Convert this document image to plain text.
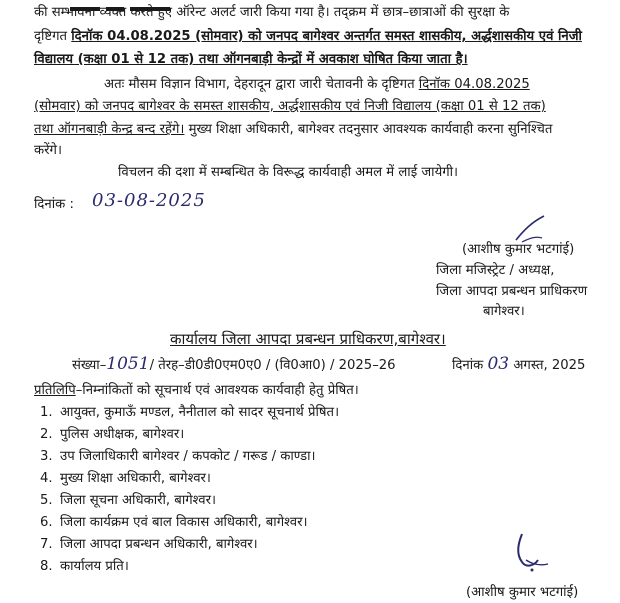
की सम्भावना व्यक्त करते हुए ऑरेन्ट अलर्ट जारी किया गया है। तद्क्रम में छात्र–छात्राओं की सुरक्षा के
दृष्टिगत दिनॉक 04.08.2025 (सोमवार) को जनपद बागेश्वर अन्तर्गत समस्त शासकीय, अर्द्धशासकीय एवं निजी
विद्यालय (कक्षा 01 से 12 तक) तथा ऑगनबाड़ी केन्द्रों में अवकाश घोषित किया जाता है।
अतः मौसम विज्ञान विभाग, देहरादून द्वारा जारी चेतावनी के दृष्टिगत दिनॉक 04.08.2025
(सोमवार) को जनपद बागेश्वर के समस्त शासकीय, अर्द्धशासकीय एवं निजी विद्यालय (कक्षा 01 से 12 तक)
तथा ऑगनबाड़ी केन्द्र बन्द रहेंगे। मुख्य शिक्षा अधिकारी, बागेश्वर तदनुसार आवश्यक कार्यवाही करना सुनिश्चित
करेंगे।
विचलन की दशा में सम्बन्धित के विरूद्ध कार्यवाही अमल में लाई जायेगी।
दिनांक : 03-08-2025
(आशीष कुमार भटगांई)
जिला मजिस्ट्रेट / अध्यक्ष,
जिला आपदा प्रबन्धन प्राधिकरण
बागेश्वर।
कार्यालय जिला आपदा प्रबन्धन प्राधिकरण,बागेश्वर।
संख्या–1051/ तेरह–डी0डी0एम0ए0 / (वि0आ0) / 2025–26	दिनांक 03 अगस्त, 2025
प्रतिलिपि–निम्नांकितों को सूचनार्थ एवं आवश्यक कार्यवाही हेतु प्रेषित।
1. आयुक्त, कुमाऊँ मण्डल, नैनीताल को सादर सूचनार्थ प्रेषित।
2. पुलिस अधीक्षक, बागेश्वर।
3. उप जिलाधिकारी बागेश्वर / कपकोट / गरूड / काण्डा।
4. मुख्य शिक्षा अधिकारी, बागेश्वर।
5. जिला सूचना अधिकारी, बागेश्वर।
6. जिला कार्यक्रम एवं बाल विकास अधिकारी, बागेश्वर।
7. जिला आपदा प्रबन्धन अधिकारी, बागेश्वर।
8. कार्यालय प्रति।
(आशीष कुमार भटगांई)
